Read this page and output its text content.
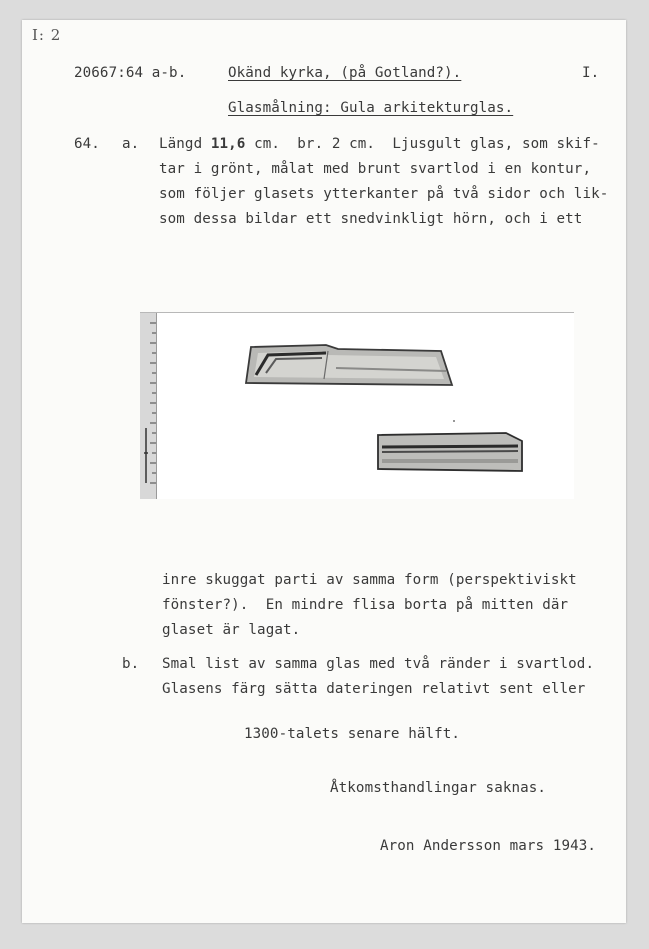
I: 2
20667:64 a-b.	Okänd kyrka, (på Gotland?).	I.
Glasmålning: Gula arkitekturglas.
64. a. Längd 11,6 cm.  br. 2 cm.  Ljusgult glas, som skif-
tar i grönt, målat med brunt svartlod i en kontur,
som följer glasets ytterkanter på två sidor och lik-
som dessa bildar ett snedvinkligt hörn, och i ett
inre skuggat parti av samma form (perspektiviskt
fönster?).  En mindre flisa borta på mitten där
glaset är lagat.
b. Smal list av samma glas med två ränder i svartlod.
Glasens färg sätta dateringen relativt sent eller
1300-talets senare hälft.
Åtkomsthandlingar saknas.
Aron Andersson mars 1943.
